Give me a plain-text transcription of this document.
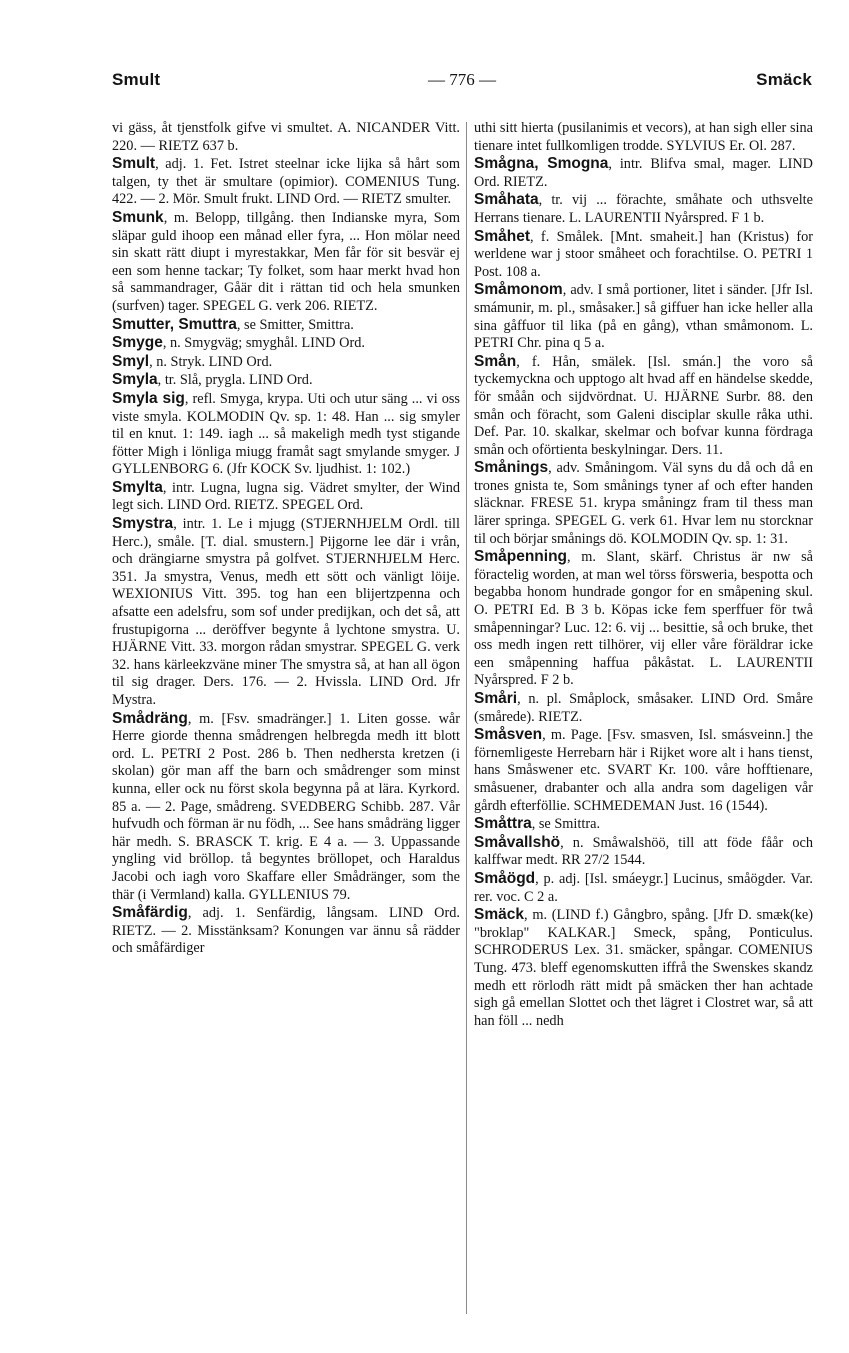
Smult	— 776 —	Smäck

vi gäss, åt tjenstfolk gifve vi smultet. A. NICANDER Vitt. 220. — RIETZ 637 b.

Smult, adj. 1. Fet. Istret steelnar icke lijka så hårt som talgen, ty thet är smultare (opimior). COMENIUS Tung. 422. — 2. Mör. Smult frukt. LIND Ord. — RIETZ smulter.

Smunk, m. Belopp, tillgång. then Indianske myra, Som släpar guld ihoop een månad eller fyra, ... Hon mölar need sin skatt rätt diupt i myrestakkar, Men får för sit besvär ej een som henne tackar; Ty folket, som haar merkt hvad hon så sammandrager, Gåär dit i rättan tid och hela smunken (surfven) tager. SPEGEL G. verk 206. RIETZ.

Smutter, Smuttra, se Smitter, Smittra.

Smyge, n. Smygväg; smyghål. LIND Ord.

Smyl, n. Stryk. LIND Ord.

Smyla, tr. Slå, prygla. LIND Ord.

Smyla sig, refl. Smyga, krypa. Uti och utur säng ... vi oss viste smyla. KOLMODIN Qv. sp. 1: 48. Han ... sig smyler til en knut. 1: 149. iagh ... så makeligh medh tyst stigande fötter Migh i lönliga miugg framåt sagt smylande smyger. J GYLLENBORG 6. (Jfr KOCK Sv. ljudhist. 1: 102.)

Smylta, intr. Lugna, lugna sig. Vädret smylter, der Wind legt sich. LIND Ord. RIETZ. SPEGEL Ord.

Smystra, intr. 1. Le i mjugg (STJERNHJELM Ordl. till Herc.), småle. [T. dial. smustern.] Pijgorne lee där i vrån, och drängiarne smystra på golfvet. STJERNHJELM Herc. 351. Ja smystra, Venus, medh ett sött och vänligt löije. WEXIONIUS Vitt. 395. tog han een blijertzpenna och afsatte een adelsfru, som sof under predijkan, och det så, att frustupigorna ... deröffver begynte å lychtone smystra. U. HJÄRNE Vitt. 33. morgon rådan smystrar. SPEGEL G. verk 32. hans kärleekzväne miner The smystra så, at han all ögon til sig drager. Ders. 176. — 2. Hvissla. LIND Ord. Jfr Mystra.

Smådräng, m. [Fsv. smadränger.] 1. Liten gosse. wår Herre giorde thenna smådrengen helbregda medh itt blott ord. L. PETRI 2 Post. 286 b. Then nedhersta kretzen (i skolan) gör man aff the barn och smådrenger som minst kunna, eller ock nu först skola begynna på at lära. Kyrkord. 85 a. — 2. Page, smådreng. SVEDBERG Schibb. 287. Vår hufvudh och förman är nu födh, ... See hans smådräng ligger här medh. S. BRASCK T. krig. E 4 a. — 3. Uppassande yngling vid bröllop. tå begyntes bröllopet, och Haraldus Jacobi och iagh voro Skaffare eller Smådränger, som the thär (i Vermland) kalla. GYLLENIUS 79.

Småfärdig, adj. 1. Senfärdig, långsam. LIND Ord. RIETZ. — 2. Misstänksam? Konungen var ännu så rädder och småfärdiger

uthi sitt hierta (pusilanimis et vecors), at han sigh eller sina tienare intet fullkomligen trodde. SYLVIUS Er. Ol. 287.

Smågna, Smogna, intr. Blifva smal, mager. LIND Ord. RIETZ.

Småhata, tr. vij ... förachte, småhate och uthsvelte Herrans tienare. L. LAURENTII Nyårspred. F 1 b.

Småhet, f. Smålek. [Mnt. smaheit.] han (Kristus) for werldene war j stoor småheet och forachtilse. O. PETRI 1 Post. 108 a.

Småmonom, adv. I små portioner, litet i sänder. [Jfr Isl. smámunir, m. pl., småsaker.] så giffuer han icke heller alla sina gåffuor til lika (på en gång), vthan småmonom. L. PETRI Chr. pina q 5 a.

Smån, f. Hån, smälek. [Isl. smán.] the voro så tyckemyckna och upptogo alt hvad aff en händelse skedde, för småån och sijdvördnat. U. HJÄRNE Surbr. 88. den smån och föracht, som Galeni disciplar skulle råka uthi. Def. Par. 10. skalkar, skelmar och bofvar kunna fördraga smån och oförtienta beskylningar. Ders. 11.

Smånings, adv. Småningom. Väl syns du då och då en trones gnista te, Som smånings tyner af och efter handen släcknar. FRESE 51. krypa småningz fram til thess man lärer springa. SPEGEL G. verk 61. Hvar lem nu storcknar til och börjar smånings dö. KOLMODIN Qv. sp. 1: 31.

Småpenning, m. Slant, skärf. Christus är nw så föractelig worden, at man wel törss försweria, bespotta och begabba honom hundrade gongor for en småpening skul. O. PETRI Ed. B 3 b. Köpas icke fem sperffuer för twå småpenningar? Luc. 12: 6. vij ... besittie, så och bruke, thet oss medh ingen rett tilhörer, vij eller våre föräldrar icke een småpenning haffua påkåstat. L. LAURENTII Nyårspred. F 2 b.

Småri, n. pl. Småplock, småsaker. LIND Ord. Småre (smårede). RIETZ.

Småsven, m. Page. [Fsv. smasven, Isl. smásveinn.] the förnemligeste Herrebarn här i Rijket wore alt i hans tienst, hans Småswener etc. SVART Kr. 100. våre hofftienare, småsuener, drabanter och alla andra som dageligen vår gårdh efterföllie. SCHMEDEMAN Just. 16 (1544).

Småttra, se Smittra.

Småvallshö, n. Småwalshöö, till att föde fåår och kalffwar medt. RR 27/2 1544.

Småögd, p. adj. [Isl. smáeygr.] Lucinus, småögder. Var. rer. voc. C 2 a.

Smäck, m. (LIND f.) Gångbro, spång. [Jfr D. smæk(ke) "broklap" KALKAR.] Smeck, spång, Ponticulus. SCHRODERUS Lex. 31. smäcker, spångar. COMENIUS Tung. 473. bleff egenomskutten iffrå the Swenskes skandz medh ett rörlodh rätt midt på smäcken ther han achtade sigh gå emellan Slottet och thet lägret i Clostret war, så att han föll ... nedh
